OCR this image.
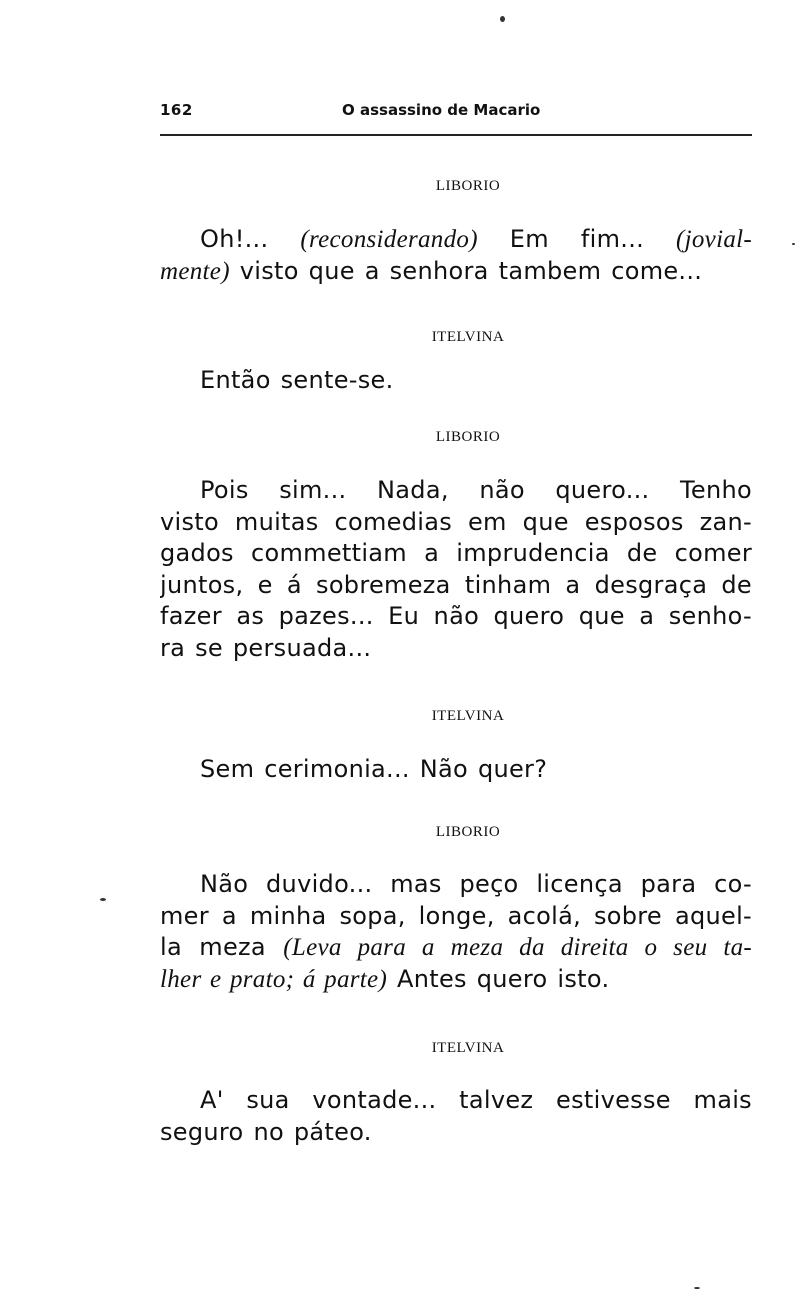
162	O assassino de Macario
LIBORIO
Oh!... (reconsiderando) Em fim... (jovial-
mente) visto que a senhora tambem come...
ITELVINA
Então sente-se.
LIBORIO
Pois sim... Nada, não quero... Tenho
visto muitas comedias em que esposos zan-
gados commettiam a imprudencia de comer
juntos, e á sobremeza tinham a desgraça de
fazer as pazes... Eu não quero que a senho-
ra se persuada...
ITELVINA
Sem cerimonia... Não quer?
LIBORIO
Não duvido... mas peço licença para co-
mer a minha sopa, longe, acolá, sobre aquel-
la meza (Leva para a meza da direita o seu ta-
lher e prato; á parte) Antes quero isto.
ITELVINA
A' sua vontade... talvez estivesse mais
seguro no páteo.
